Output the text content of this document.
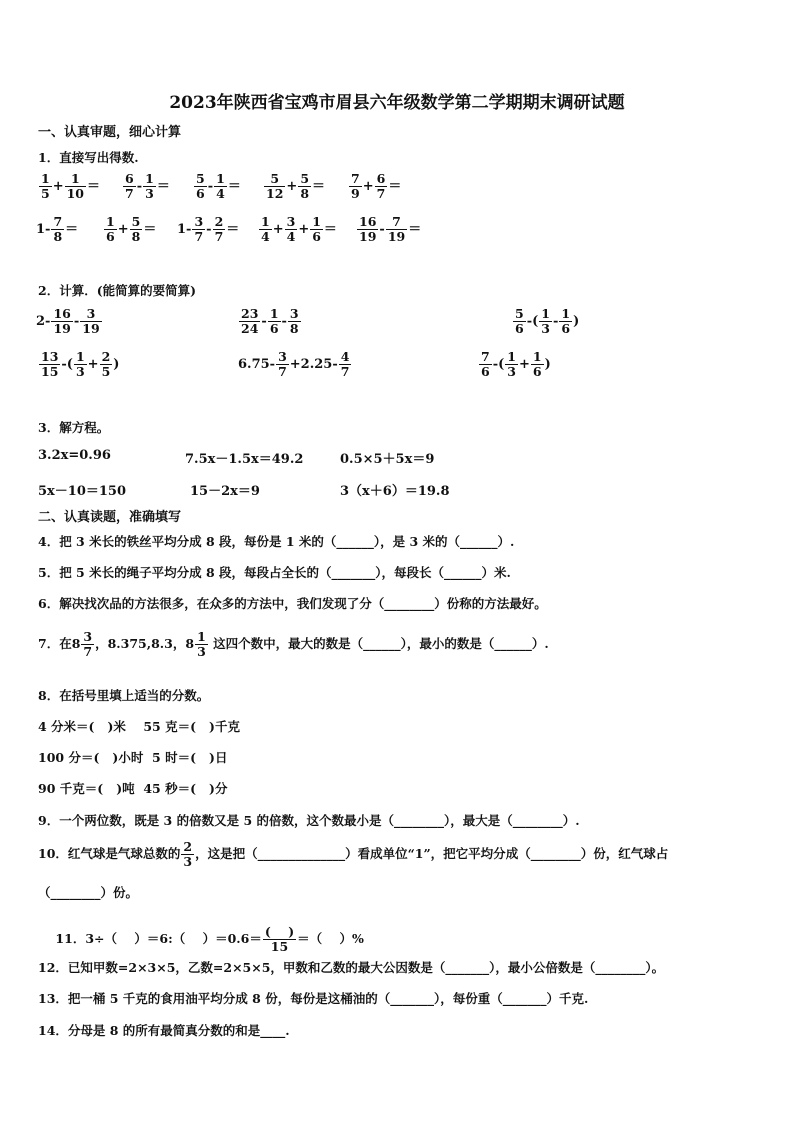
2023年陕西省宝鸡市眉县六年级数学第二学期期末调研试题
一、认真审题，细心计算
1．直接写出得数.
$\frac{1}{5} + \frac{1}{10} = \frac{6}{7} - \frac{1}{3} = \frac{5}{6} - \frac{1}{4} = \frac{5}{12} + \frac{5}{8} = \frac{7}{9} + \frac{6}{7}$ ＝
$1- \frac{7}{8} = \frac{1}{6} + \frac{5}{8} = 1- \frac{3}{7} - \frac{2}{7} = \frac{1}{4} + \frac{3}{4} + \frac{1}{6} = \frac{16}{19} - \frac{7}{19}$ ＝
2．计算．(能简算的要简算)
$2- \frac{16}{19} - \frac{3}{19}$	$\frac{23}{24} - \frac{1}{6} - \frac{3}{8}$	$\frac{5}{6}$ -( $\frac{1}{3} - \frac{1}{6}$ )
$\frac{13}{15}$ -( $\frac{1}{3} + \frac{2}{5}$ )	$6.75- \frac{3}{7} +2.25- \frac{4}{7}$	$\frac{7}{6}$ -( $\frac{1}{3} + \frac{1}{6}$ )
3．解方程。
3.2x=0.96	7.5x－1.5x＝49.2	0.5×5＋5x＝9
5x－10＝150	15－2x＝9	3（x＋6）＝19.8
二、认真读题，准确填写
4．把 3 米长的铁丝平均分成 8 段，每份是 1 米的（______），是 3 米的（______）.
5．把 5 米长的绳子平均分成 8 段，每段占全长的（_______），每段长（______）米.
6．解决找次品的方法很多，在众多的方法中，我们发现了分（________）份称的方法最好。
7．在$8 \frac{3}{7}$ ，8.375,8.3，$8 \frac{1}{3}$ 这四个数中，最大的数是（______），最小的数是（______）.
8．在括号里填上适当的分数。
4 分米＝(   )米    55 克＝(   )千克
100 分＝(   )小时  5 时＝(   )日
90 千克＝(   )吨  45 秒＝(   )分
9．一个两位数，既是 3 的倍数又是 5 的倍数，这个数最小是（________），最大是（________）.
10．红气球是气球总数的 $\frac{2}{3}$ ，这是把（______________）看成单位“1”，把它平均分成（________）份，红气球占
（________）份。

11．3÷（    ）＝6:（    ）$=0.6= \frac{( )}{15}$ ＝（    ）%

12．已知甲数=2×3×5，乙数=2×5×5，甲数和乙数的最大公因数是（_______），最小公倍数是（________）。
13．把一桶 5 千克的食用油平均分成 8 份，每份是这桶油的（_______），每份重（_______）千克.
14．分母是 8 的所有最简真分数的和是____.
